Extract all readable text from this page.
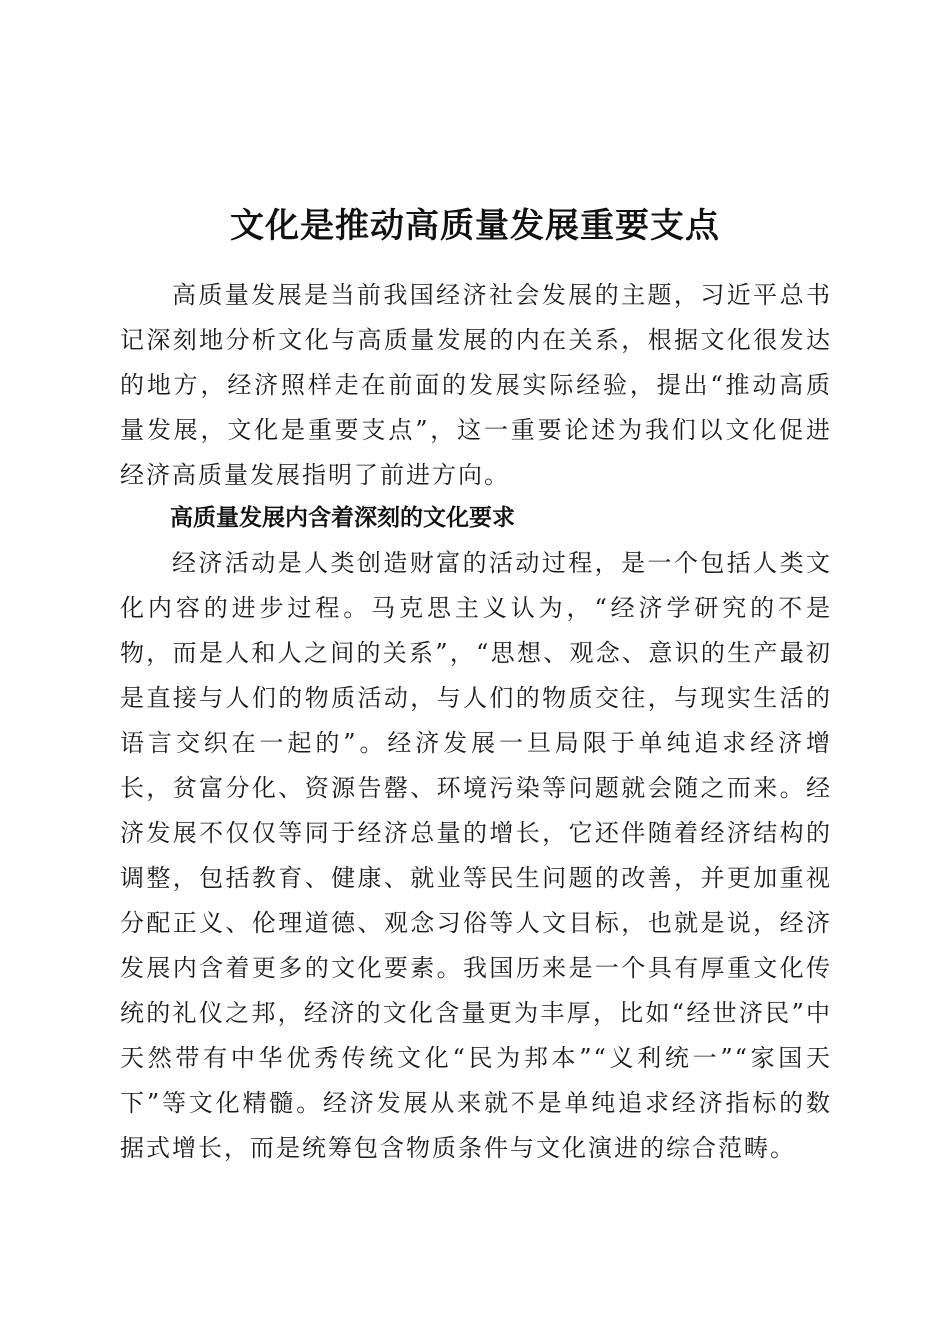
文化是推动高质量发展重要支点

高质量发展是当前我国经济社会发展的主题，习近平总书记深刻地分析文化与高质量发展的内在关系，根据文化很发达的地方，经济照样走在前面的发展实际经验，提出“推动高质量发展，文化是重要支点”，这一重要论述为我们以文化促进经济高质量发展指明了前进方向。

高质量发展内含着深刻的文化要求

经济活动是人类创造财富的活动过程，是一个包括人类文化内容的进步过程。马克思主义认为，“经济学研究的不是物，而是人和人之间的关系”，“思想、观念、意识的生产最初是直接与人们的物质活动，与人们的物质交往，与现实生活的语言交织在一起的”。经济发展一旦局限于单纯追求经济增长，贫富分化、资源告罄、环境污染等问题就会随之而来。经济发展不仅仅等同于经济总量的增长，它还伴随着经济结构的调整，包括教育、健康、就业等民生问题的改善，并更加重视分配正义、伦理道德、观念习俗等人文目标，也就是说，经济发展内含着更多的文化要素。我国历来是一个具有厚重文化传统的礼仪之邦，经济的文化含量更为丰厚，比如“经世济民”中天然带有中华优秀传统文化“民为邦本”“义利统一”“家国天下”等文化精髓。经济发展从来就不是单纯追求经济指标的数据式增长，而是统筹包含物质条件与文化演进的综合范畴。
